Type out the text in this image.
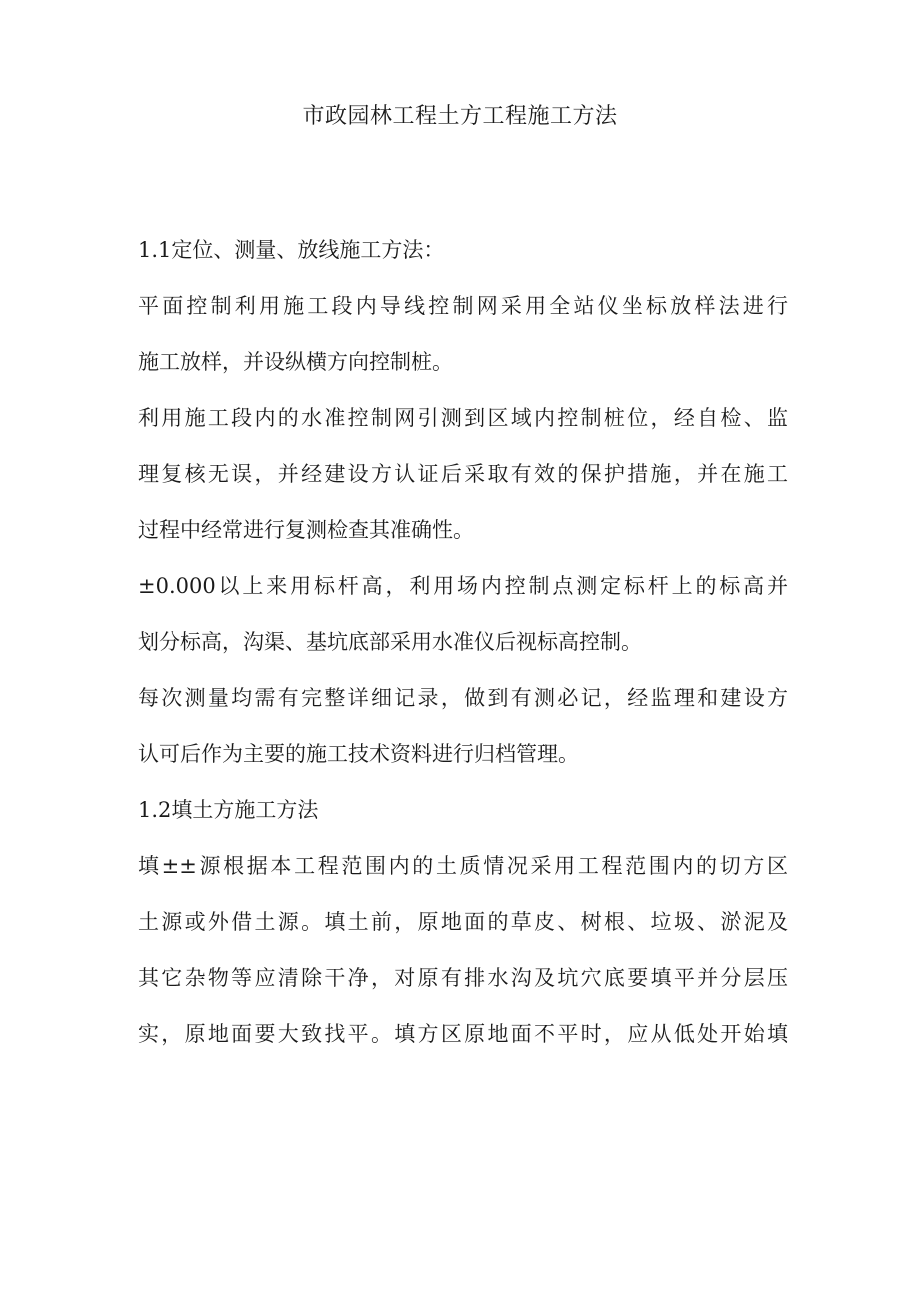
市政园林工程土方工程施工方法
1.1定位、测量、放线施工方法：
平面控制利用施工段内导线控制网采用全站仪坐标放样法进行
施工放样，并设纵横方向控制桩。
利用施工段内的水准控制网引测到区域内控制桩位，经自检、监
理复核无误，并经建设方认证后采取有效的保护措施，并在施工
过程中经常进行复测检查其准确性。
±0.000以上来用标杆高，利用场内控制点测定标杆上的标高并
划分标高，沟渠、基坑底部采用水准仪后视标高控制。
每次测量均需有完整详细记录，做到有测必记，经监理和建设方
认可后作为主要的施工技术资料进行归档管理。
1.2填土方施工方法
填±±源根据本工程范围内的土质情况采用工程范围内的切方区
土源或外借土源。填土前，原地面的草皮、树根、垃圾、淤泥及
其它杂物等应清除干净，对原有排水沟及坑穴底要填平并分层压
实，原地面要大致找平。填方区原地面不平时，应从低处开始填
